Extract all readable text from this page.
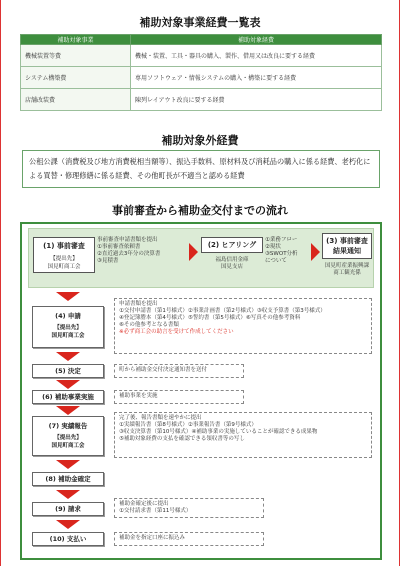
補助対象事業経費一覧表
補助対象事業	補助対象経費
機械装置等費	機械・装置、工具・器具の購入、製作、借用又は改良に要する経費
システム構築費	専用ソフトウェア・情報システムの購入・構築に要する経費
店舗改装費	陳列レイアウト改良に要する経費
補助対象外経費
公租公課（消費税及び地方消費税相当額等）、振込手数料、原材料及び消耗品の購入に係る経費、老朽化による買替・修理修繕に係る経費、その他町長が不適当と認める経費
事前審査から補助金交付までの流れ
(1) 事前審査
【提出先】
国見町商工会
事前審査申請書類を提出
①事前審査依頼書
②直近過去3年分の決算書
③見積書
(2) ヒアリング
福島信用金庫
国見支店
①業務フロー
②現状
③SWOT分析
について
(3) 事前審査
結果通知
国見町産業振興課
商工観光係
(4) 申請
【提出先】
国見町商工会
申請書類を提出
①交付申請書（第1号様式）②事業計画書（第2号様式）③収支予算書（第3号様式）
④登記簿謄本（第4号様式）⑤誓約書（第5号様式）⑥写真その他参考資料
⑥その他参考となる書類
※必ず商工会の助言を受けて作成してください
(5) 決定	町から補助金交付決定通知書を送付
(6) 補助事業実施	補助事業を実施
(7) 実績報告
【提出先】
国見町商工会
完了後、報告書類を速やかに提出
①実績報告書（第8号様式）②事業報告書（第9号様式）
③収支決算書（第10号様式）④補助事業の実施していることが確認できる成果物
⑤補助対象経費の支払を確認できる領収書等の写し
(8) 補助金確定
(9) 請求
補助金確定後に提出
①交付請求書（第11号様式）
(10) 支払い	補助金を指定口座に振込み
